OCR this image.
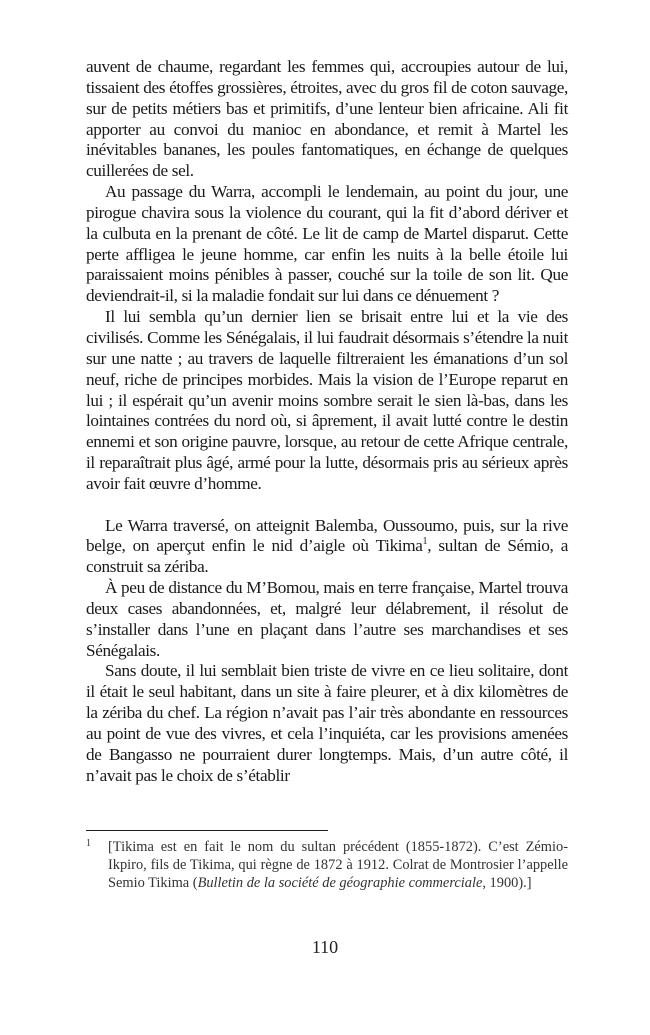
auvent de chaume, regardant les femmes qui, accroupies autour de lui, tissaient des étoffes grossières, étroites, avec du gros fil de coton sauvage, sur de petits métiers bas et primitifs, d’une lenteur bien africaine. Ali fit apporter au convoi du manioc en abondance, et remit à Martel les inévitables bananes, les poules fantomatiques, en échange de quelques cuillerées de sel.

Au passage du Warra, accompli le lendemain, au point du jour, une pirogue chavira sous la violence du courant, qui la fit d’abord dériver et la culbuta en la prenant de côté. Le lit de camp de Martel disparut. Cette perte affligea le jeune homme, car enfin les nuits à la belle étoile lui paraissaient moins pénibles à passer, couché sur la toile de son lit. Que deviendrait-il, si la maladie fondait sur lui dans ce dénuement ?

Il lui sembla qu’un dernier lien se brisait entre lui et la vie des civilisés. Comme les Sénégalais, il lui faudrait désormais s’étendre la nuit sur une natte ; au travers de laquelle filtreraient les émanations d’un sol neuf, riche de principes morbides. Mais la vision de l’Europe reparut en lui ; il espérait qu’un avenir moins sombre serait le sien là-bas, dans les lointaines contrées du nord où, si âprement, il avait lutté contre le destin ennemi et son origine pauvre, lorsque, au retour de cette Afrique centrale, il reparaîtrait plus âgé, armé pour la lutte, désormais pris au sérieux après avoir fait œuvre d’homme.

Le Warra traversé, on atteignit Balemba, Oussoumo, puis, sur la rive belge, on aperçut enfin le nid d’aigle où Tikima$^1$, sultan de Sémio, a construit sa zériba.

À peu de distance du M’Bomou, mais en terre française, Martel trouva deux cases abandonnées, et, malgré leur délabrement, il résolut de s’installer dans l’une en plaçant dans l’autre ses marchandises et ses Sénégalais.

Sans doute, il lui semblait bien triste de vivre en ce lieu solitaire, dont il était le seul habitant, dans un site à faire pleurer, et à dix kilomètres de la zériba du chef. La région n’avait pas l’air très abondante en ressources au point de vue des vivres, et cela l’inquiéta, car les provisions amenées de Bangasso ne pourraient durer longtemps. Mais, d’un autre côté, il n’avait pas le choix de s’établir

1 [Tikima est en fait le nom du sultan précédent (1855-1872). C’est Zémio-Ikpiro, fils de Tikima, qui règne de 1872 à 1912. Colrat de Montrosier l’appelle Semio Tikima (Bulletin de la société de géographie commerciale, 1900).]
110
